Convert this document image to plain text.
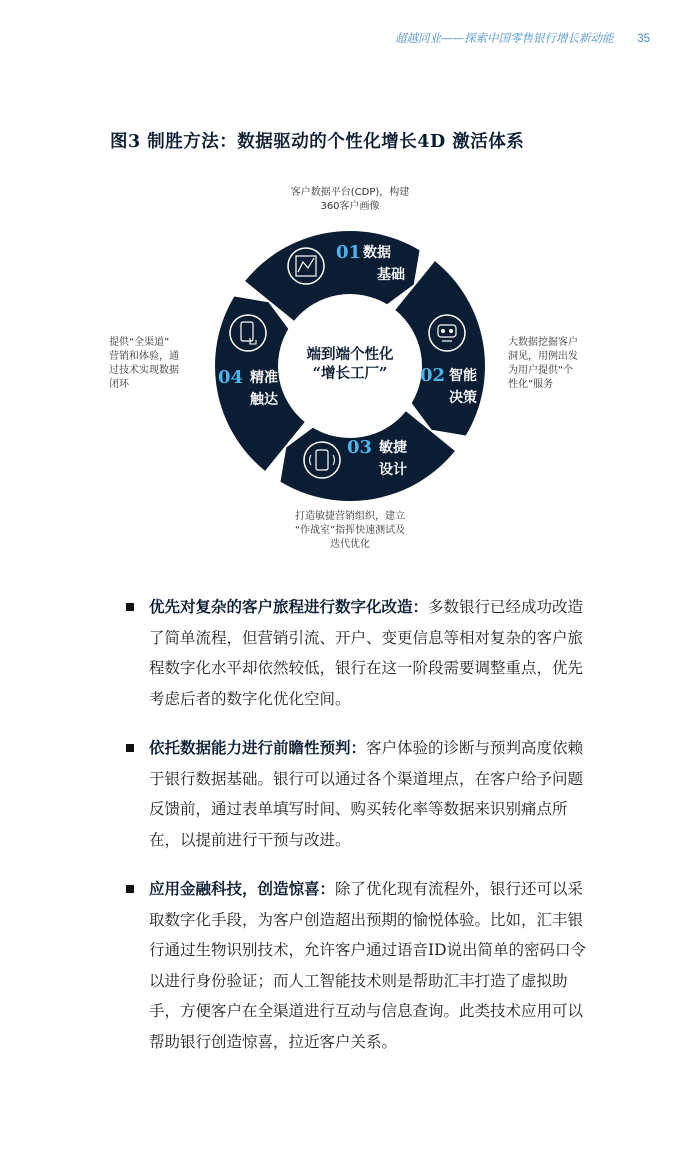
超越同业——探索中国零售银行增长新动能 35
图3 制胜方法：数据驱动的个性化增长4D 激活体系
01 数据
基础
02 智能
决策
03 敏捷
设计
04 精准
触达
端到端个性化
“增长工厂”
客户数据平台(CDP)，构建
360客户画像
提供“全渠道”
营销和体验，通
过技术实现数据
闭环
大数据挖掘客户
洞见，用例出发
为用户提供“个
性化”服务
打造敏捷营销组织，建立
“作战室”指挥快速测试及
迭代优化
优先对复杂的客户旅程进行数字化改造：多数银行已经成功改造了简单流程，但营销引流、开户、变更信息等相对复杂的客户旅程数字化水平却依然较低，银行在这一阶段需要调整重点，优先考虑后者的数字化优化空间。
依托数据能力进行前瞻性预判：客户体验的诊断与预判高度依赖于银行数据基础。银行可以通过各个渠道埋点，在客户给予问题反馈前，通过表单填写时间、购买转化率等数据来识别痛点所在，以提前进行干预与改进。
应用金融科技，创造惊喜：除了优化现有流程外，银行还可以采取数字化手段，为客户创造超出预期的愉悦体验。比如，汇丰银行通过生物识别技术，允许客户通过语音ID说出简单的密码口令以进行身份验证；而人工智能技术则是帮助汇丰打造了虚拟助手，方便客户在全渠道进行互动与信息查询。此类技术应用可以帮助银行创造惊喜，拉近客户关系。
